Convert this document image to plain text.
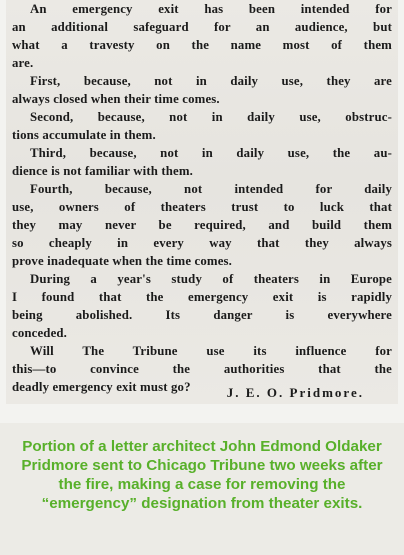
An emergency exit has been intended for
an additional safeguard for an audience, but
what a travesty on the name most of them
are.
First, because, not in daily use, they are
always closed when their time comes.
Second, because, not in daily use, obstruc-
tions accumulate in them.
Third, because, not in daily use, the au-
dience is not familiar with them.
Fourth, because, not intended for daily
use, owners of theaters trust to luck that
they may never be required, and build them
so cheaply in every way that they always
prove inadequate when the time comes.
During a year's study of theaters in Europe
I found that the emergency exit is rapidly
being abolished. Its danger is everywhere
conceded.
Will The Tribune use its influence for
this—to convince the authorities that the
deadly emergency exit must go?	J. E. O. Pridmore.
Portion of a letter architect John Edmond Oldaker Pridmore sent to Chicago Tribune two weeks after the fire, making a case for removing the “emergency” designation from theater exits.
